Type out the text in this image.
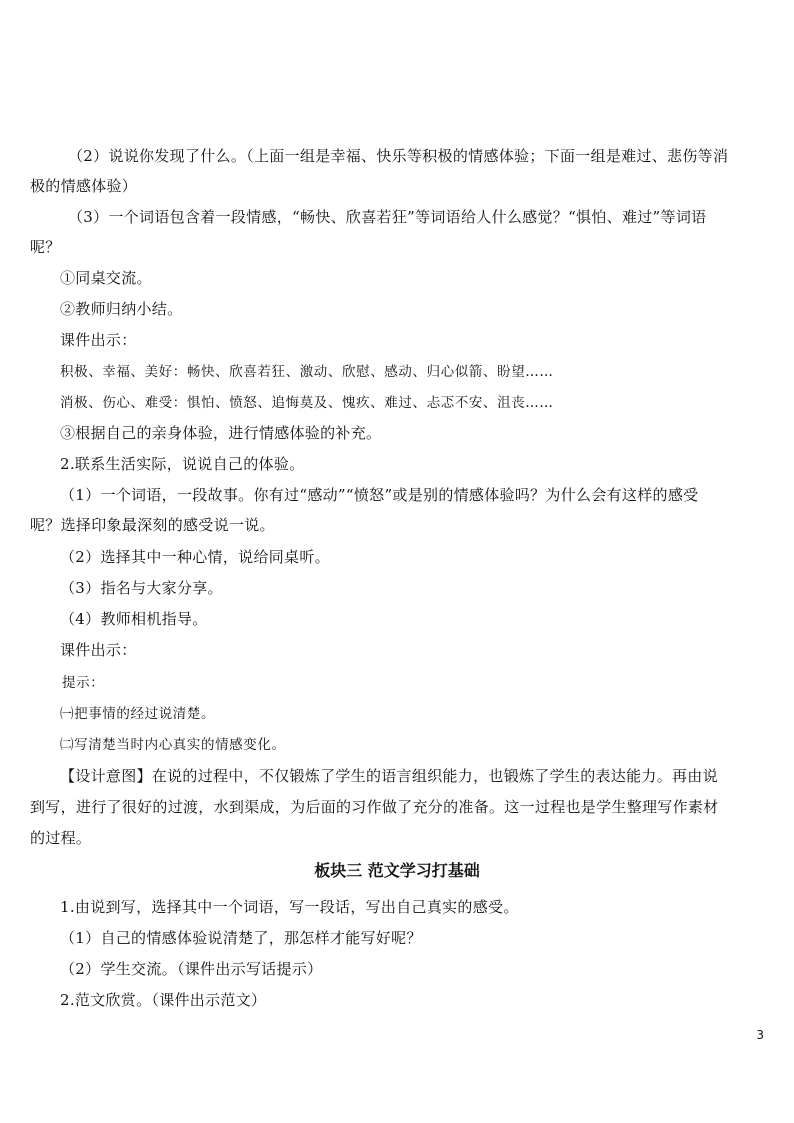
（2）说说你发现了什么。（上面一组是幸福、快乐等积极的情感体验；下面一组是难过、悲伤等消
极的情感体验）
（3）一个词语包含着一段情感，“畅快、欣喜若狂”等词语给人什么感觉？“惧怕、难过”等词语
呢？
①同桌交流。
②教师归纳小结。
课件出示：
积极、幸福、美好：畅快、欣喜若狂、激动、欣慰、感动、归心似箭、盼望……
消极、伤心、难受：惧怕、愤怒、追悔莫及、愧疚、难过、忐忑不安、沮丧……
③根据自己的亲身体验，进行情感体验的补充。
2.联系生活实际，说说自己的体验。
（1）一个词语，一段故事。你有过“感动”“愤怒”或是别的情感体验吗？为什么会有这样的感受
呢？选择印象最深刻的感受说一说。
（2）选择其中一种心情，说给同桌听。
（3）指名与大家分享。
（4）教师相机指导。
课件出示：
提示：
㈠把事情的经过说清楚。
㈡写清楚当时内心真实的情感变化。
【设计意图】在说的过程中，不仅锻炼了学生的语言组织能力，也锻炼了学生的表达能力。再由说
到写，进行了很好的过渡，水到渠成，为后面的习作做了充分的准备。这一过程也是学生整理写作素材
的过程。
板块三 范文学习打基础
1.由说到写，选择其中一个词语，写一段话，写出自己真实的感受。
（1）自己的情感体验说清楚了，那怎样才能写好呢？
（2）学生交流。（课件出示写话提示）
2.范文欣赏。（课件出示范文）
3
